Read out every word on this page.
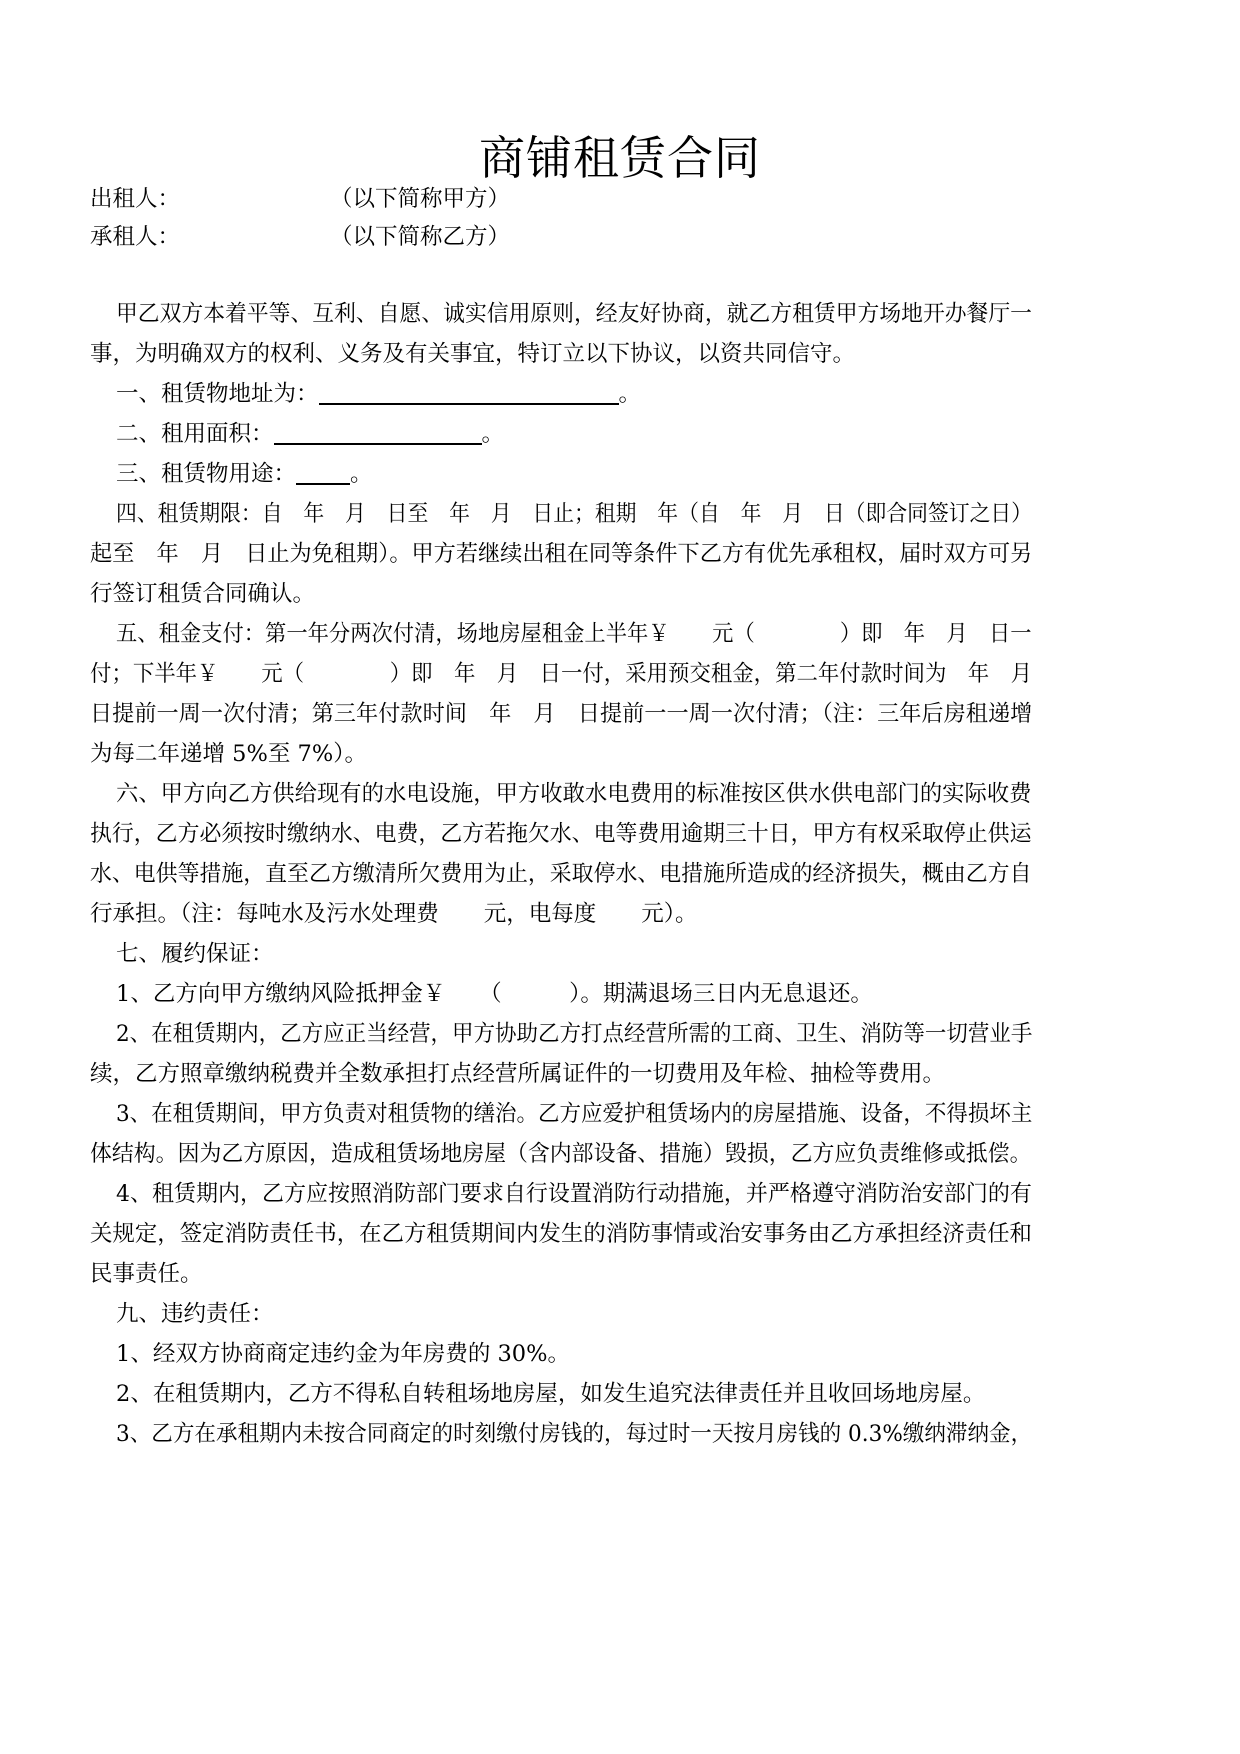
商铺租赁合同
出租人：	（以下简称甲方）
承租人：	（以下简称乙方）
甲乙双方本着平等、互利、自愿、诚实信用原则，经友好协商，就乙方租赁甲方场地开办餐厅一
事，为明确双方的权利、义务及有关事宜，特订立以下协议，以资共同信守。
一、租赁物地址为：	。
二、租用面积：	。
三、租赁物用途： 。
四、租赁期限：自　年　月　日至　年　月　日止；租期　年（自　年　月　日（即合同签订之日）
起至　年　月　日止为免租期）。甲方若继续出租在同等条件下乙方有优先承租权，届时双方可另
行签订租赁合同确认。
五、租金支付：第一年分两次付清，场地房屋租金上半年￥　　元（　　　　）即　年　月　日一
付；下半年￥　　元（　　　　）即　年　月　日一付，采用预交租金，第二年付款时间为　年　月
日提前一周一次付清；第三年付款时间　年　月　日提前一一周一次付清；（注：三年后房租递增
为每二年递增 5%至 7%）。
六、甲方向乙方供给现有的水电设施，甲方收敢水电费用的标准按区供水供电部门的实际收费
执行，乙方必须按时缴纳水、电费，乙方若拖欠水、电等费用逾期三十日，甲方有权采取停止供运
水、电供等措施，直至乙方缴清所欠费用为止，采取停水、电措施所造成的经济损失，概由乙方自
行承担。（注：每吨水及污水处理费　　元，电每度　　元）。
七、履约保证：
1、乙方向甲方缴纳风险抵押金￥　　（　　　）。期满退场三日内无息退还。
2、在租赁期内，乙方应正当经营，甲方协助乙方打点经营所需的工商、卫生、消防等一切营业手
续，乙方照章缴纳税费并全数承担打点经营所属证件的一切费用及年检、抽检等费用。
3、在租赁期间，甲方负责对租赁物的缮治。乙方应爱护租赁场内的房屋措施、设备，不得损坏主
体结构。因为乙方原因，造成租赁场地房屋（含内部设备、措施）毁损，乙方应负责维修或抵偿。
4、租赁期内，乙方应按照消防部门要求自行设置消防行动措施，并严格遵守消防治安部门的有
关规定，签定消防责任书，在乙方租赁期间内发生的消防事情或治安事务由乙方承担经济责任和
民事责任。
九、违约责任：
1、经双方协商商定违约金为年房费的 30%。
2、在租赁期内，乙方不得私自转租场地房屋，如发生追究法律责任并且收回场地房屋。
3、乙方在承租期内未按合同商定的时刻缴付房钱的，每过时一天按月房钱的 0.3%缴纳滞纳金，
